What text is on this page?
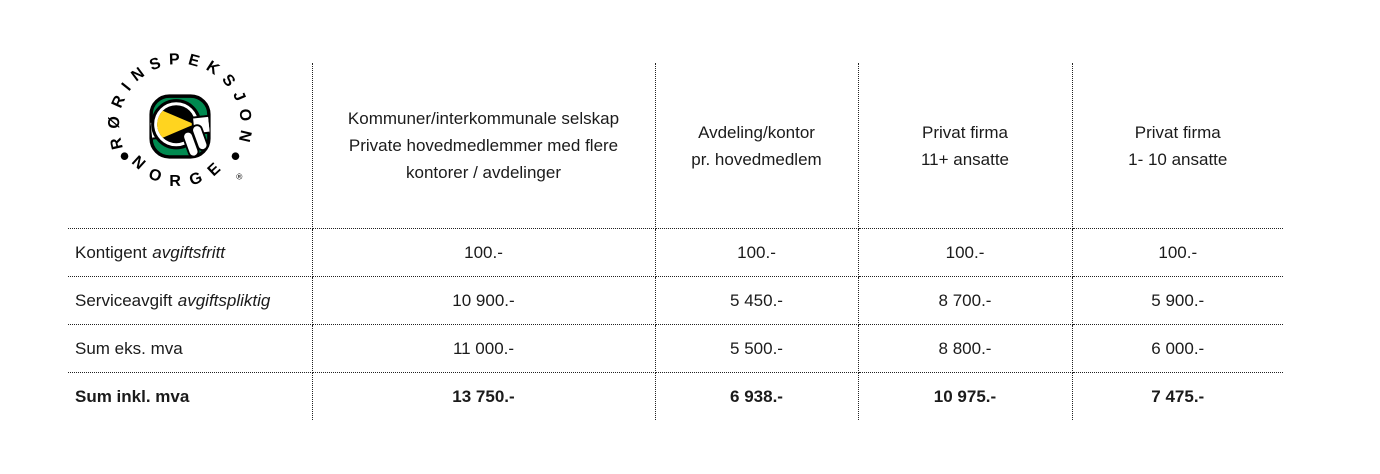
RØRINSPEKSJON
NORGE ®

Kommuner/interkommunale selskap
Private hovedmedlemmer med flere
kontorer / avdelinger

Avdeling/kontor
pr. hovedmedlem

Privat firma
11+ ansatte

Privat firma
1- 10 ansatte

Kontigent avgiftsfritt	100.-	100.-	100.-	100.-
Serviceavgift avgiftspliktig	10 900.-	5 450.-	8 700.-	5 900.-
Sum eks. mva	11 000.-	5 500.-	8 800.-	6 000.-
Sum inkl. mva	13 750.-	6 938.-	10 975.-	7 475.-
